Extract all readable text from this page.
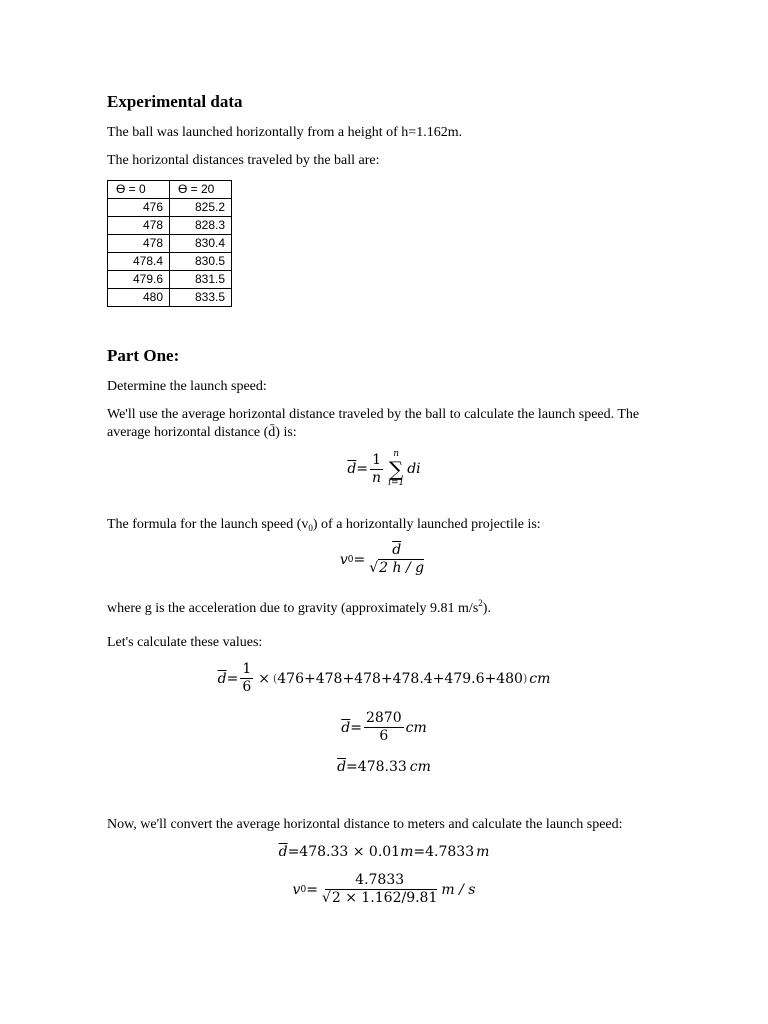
Experimental data

The ball was launched horizontally from a height of h=1.162m.

The horizontal distances traveled by the ball are:

Ө = 0	Ө = 20
476	825.2
478	828.3
478	830.4
478.4	830.5
479.6	831.5
480	833.5
Part One:

Determine the launch speed:

We'll use the average horizontal distance traveled by the ball to calculate the launch speed. The

average horizontal distance (d̄) is:

$\overline{d} = \frac{1}{n}$ n
∑
i=1
di

The formula for the launch speed $(v_0)$ of a horizontally launched projectile is:

v $0 = \frac{\overline{d}}{√2 h / g}$

where g is the acceleration due to gravity (approximately 9.81 $m/s^2$).

Let's calculate these values:

$\overline{d} = \frac{1}{6}$ × ( 476+478+478+478.4+479.6+480 ) cm
$\overline{d} = \frac{2870}{6}$ cm
$\overline{d} = 478.33$ cm

Now, we'll convert the average horizontal distance to meters and calculate the launch speed:

$\overline{d} = 478.33 \times 0.01$ m = 4.7833 m
v $0 = \frac{4.7833}{√2 \times 1.162/9.81}$ m / s
